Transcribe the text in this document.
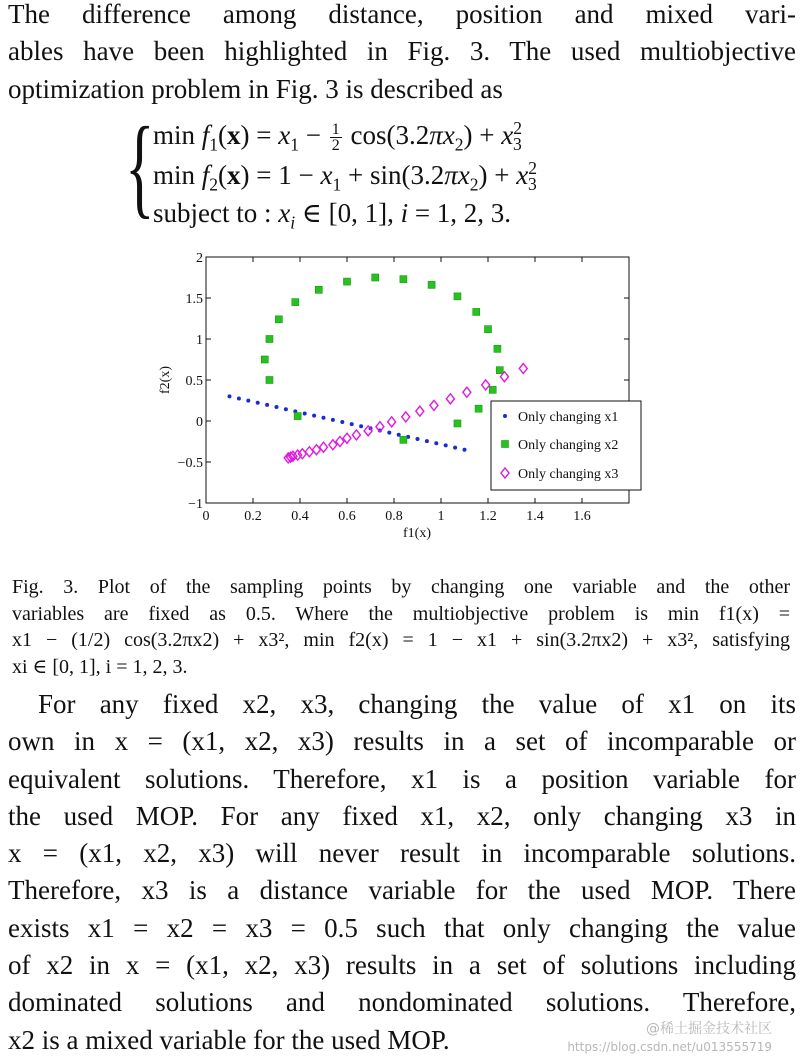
The difference among distance, position and mixed vari-
ables have been highlighted in Fig. 3. The used multiobjective
optimization problem in Fig. 3 is described as

{
$\min f_1(x) = x_1 - \frac{1}{2} \cos(3.2\pi x_2) + x^2_3$
$\min f_2(x) = 1 - x_1 + \sin(3.2\pi x_2) + x^2_3$
subject to : $x_i$ ∈ [0, 1], i = 1, 2, 3.
0 0.2 0.4 0.6 0.8 1 1.2 1.4 1.6
2
1.5
1
0.5
0
−0.5
−1
f1(x)
f2(x)
Only changing x1
Only changing x2
Only changing x3

Fig. 3. Plot of the sampling points by changing one variable and the other
variables are fixed as 0.5. Where the multiobjective problem is min f1(x) =
x1 − (1/2) cos(3.2πx2) + x3², min f2(x) = 1 − x1 + sin(3.2πx2) + x3², satisfying
xi ∈ [0, 1], i = 1, 2, 3.

For any fixed x2, x3, changing the value of x1 on its
own in x = (x1, x2, x3) results in a set of incomparable or
equivalent solutions. Therefore, x1 is a position variable for
the used MOP. For any fixed x1, x2, only changing x3 in
x = (x1, x2, x3) will never result in incomparable solutions.
Therefore, x3 is a distance variable for the used MOP. There
exists x1 = x2 = x3 = 0.5 such that only changing the value
of x2 in x = (x1, x2, x3) results in a set of solutions including
dominated solutions and nondominated solutions. Therefore,
x2 is a mixed variable for the used MOP.	@稀土掘金技术社区
https://blog.csdn.net/u013555719
